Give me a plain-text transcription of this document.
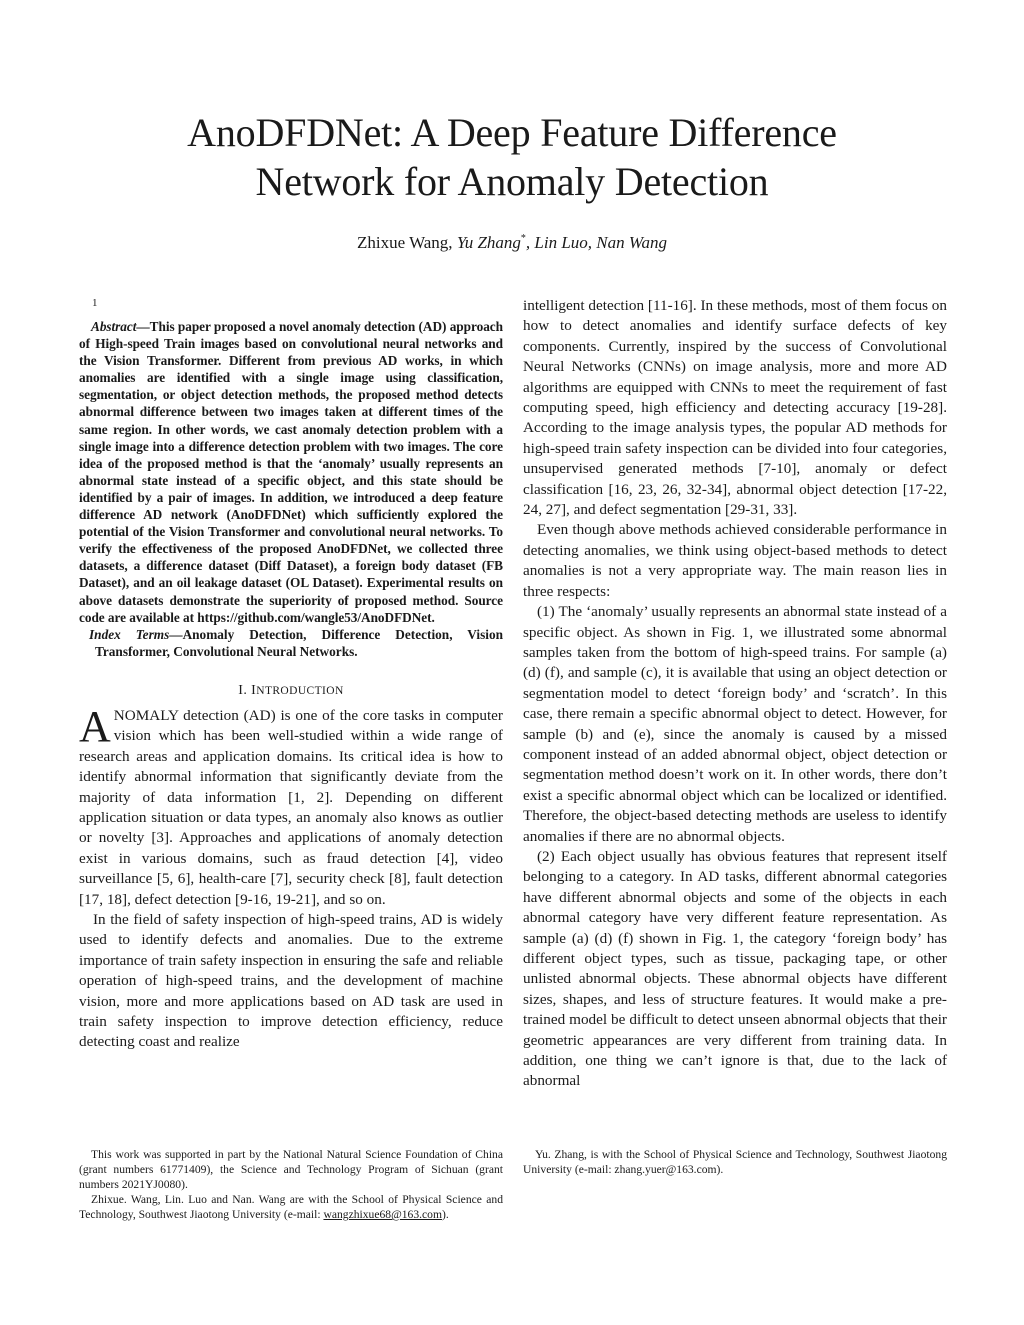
AnoDFDNet: A Deep Feature Difference
Network for Anomaly Detection
Zhixue Wang, Yu Zhang*, Lin Luo, Nan Wang
1

Abstract—This paper proposed a novel anomaly detection (AD) approach of High-speed Train images based on convolutional neural networks and the Vision Transformer. Different from previous AD works, in which anomalies are identified with a single image using classification, segmentation, or object detection methods, the proposed method detects abnormal difference between two images taken at different times of the same region. In other words, we cast anomaly detection problem with a single image into a difference detection problem with two images. The core idea of the proposed method is that the ‘anomaly’ usually represents an abnormal state instead of a specific object, and this state should be identified by a pair of images. In addition, we introduced a deep feature difference AD network (AnoDFDNet) which sufficiently explored the potential of the Vision Transformer and convolutional neural networks. To verify the effectiveness of the proposed AnoDFDNet, we collected three datasets, a difference dataset (Diff Dataset), a foreign body dataset (FB Dataset), and an oil leakage dataset (OL Dataset). Experimental results on above datasets demonstrate the superiority of proposed method. Source code are available at https://github.com/wangle53/AnoDFDNet.

Index Terms—Anomaly Detection, Difference Detection, Vision Transformer, Convolutional Neural Networks.

I. INTRODUCTION

ANOMALY detection (AD) is one of the core tasks in computer vision which has been well-studied within a wide range of research areas and application domains. Its critical idea is how to identify abnormal information that significantly deviate from the majority of data information [1, 2]. Depending on different application situation or data types, an anomaly also knows as outlier or novelty [3]. Approaches and applications of anomaly detection exist in various domains, such as fraud detection [4], video surveillance [5, 6], health-care [7], security check [8], fault detection [17, 18], defect detection [9-16, 19-21], and so on.

In the field of safety inspection of high-speed trains, AD is widely used to identify defects and anomalies. Due to the extreme importance of train safety inspection in ensuring the safe and reliable operation of high-speed trains, and the development of machine vision, more and more applications based on AD task are used in train safety inspection to improve detection efficiency, reduce detecting coast and realize

intelligent detection [11-16]. In these methods, most of them focus on how to detect anomalies and identify surface defects of key components. Currently, inspired by the success of Convolutional Neural Networks (CNNs) on image analysis, more and more AD algorithms are equipped with CNNs to meet the requirement of fast computing speed, high efficiency and detecting accuracy [19-28]. According to the image analysis types, the popular AD methods for high-speed train safety inspection can be divided into four categories, unsupervised generated methods [7-10], anomaly or defect classification [16, 23, 26, 32-34], abnormal object detection [17-22, 24, 27], and defect segmentation [29-31, 33].

Even though above methods achieved considerable performance in detecting anomalies, we think using object-based methods to detect anomalies is not a very appropriate way. The main reason lies in three respects:

(1) The ‘anomaly’ usually represents an abnormal state instead of a specific object. As shown in Fig. 1, we illustrated some abnormal samples taken from the bottom of high-speed trains. For sample (a) (d) (f), and sample (c), it is available that using an object detection or segmentation model to detect ‘foreign body’ and ‘scratch’. In this case, there remain a specific abnormal object to detect. However, for sample (b) and (e), since the anomaly is caused by a missed component instead of an added abnormal object, object detection or segmentation method doesn’t work on it. In other words, there don’t exist a specific abnormal object which can be localized or identified. Therefore, the object-based detecting methods are useless to identify anomalies if there are no abnormal objects.

(2) Each object usually has obvious features that represent itself belonging to a category. In AD tasks, different abnormal categories have different abnormal objects and some of the objects in each abnormal category have very different feature representation. As sample (a) (d) (f) shown in Fig. 1, the category ‘foreign body’ has different object types, such as tissue, packaging tape, or other unlisted abnormal objects. These abnormal objects have different sizes, shapes, and less of structure features. It would make a pre-trained model be difficult to detect unseen abnormal objects that their geometric appearances are very different from training data. In addition, one thing we can’t ignore is that, due to the lack of abnormal

This work was supported in part by the National Natural Science Foundation of China (grant numbers 61771409), the Science and Technology Program of Sichuan (grant numbers 2021YJ0080).

Zhixue. Wang, Lin. Luo and Nan. Wang are with the School of Physical Science and Technology, Southwest Jiaotong University (e-mail: wangzhixue68@163.com).

Yu. Zhang, is with the School of Physical Science and Technology, Southwest Jiaotong University (e-mail: zhang.yuer@163.com).
